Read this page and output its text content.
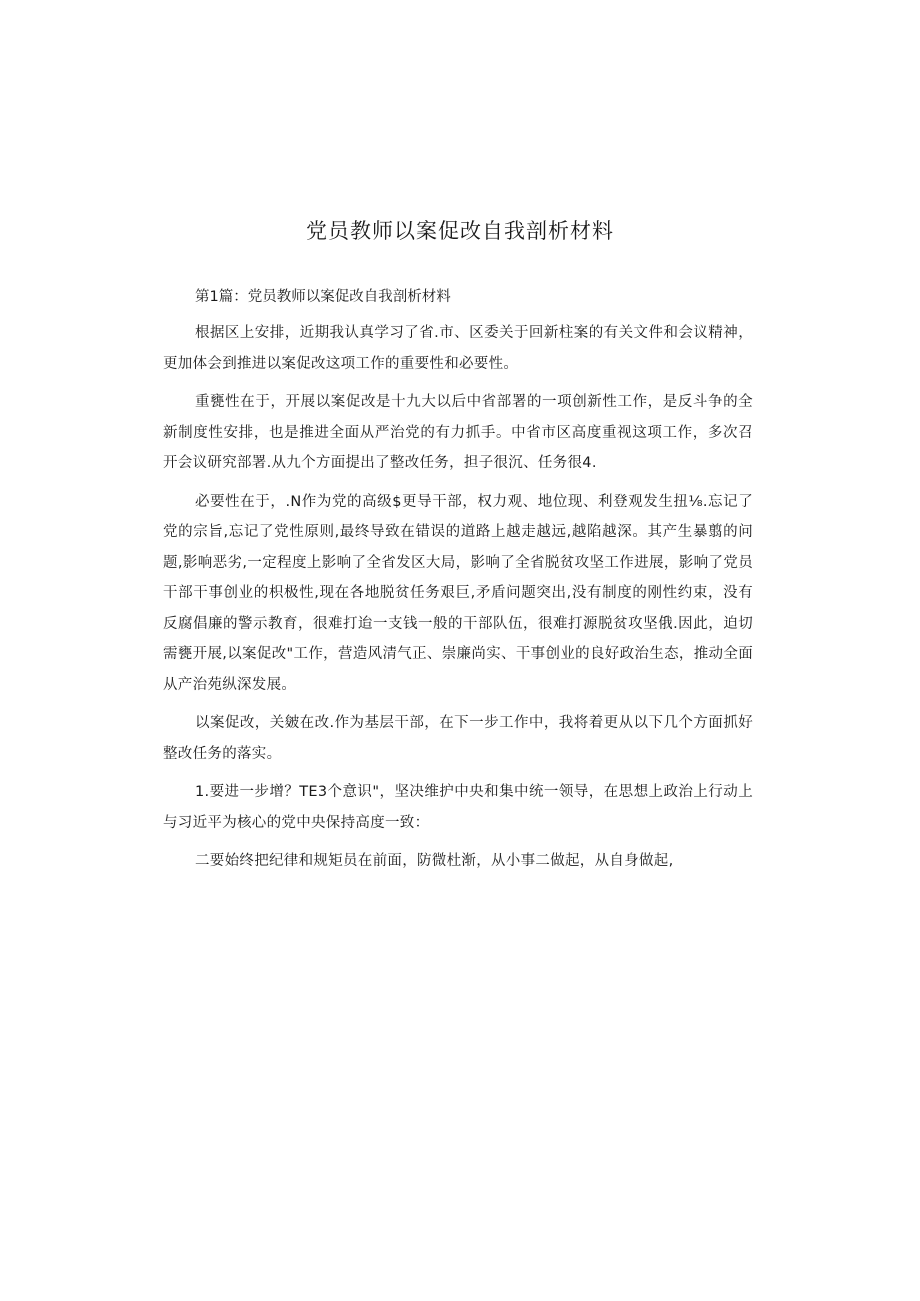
党员教师以案促改自我剖析材料

第1篇：党员教师以案促改自我剖析材料

根据区上安排，近期我认真学习了省.市、区委关于回新柱案的有关文件和会议精神，更加体会到推进以案促改这项工作的重要性和必要性。

重甕性在于，开展以案促改是十九大以后中省部署的一项创新性工作，是反斗争的全新制度性安排，也是推进全面从严治党的有力抓手。中省市区高度重视这项工作，多次召开会议研究部署.从九个方面提出了整改任务，担子很沉、任务很4.

必要性在于，.N作为党的高级$更导干部，权力观、地位现、利登观发生扭⅛.忘记了党的宗旨,忘记了党性原则,最终导致在错误的道路上越走越远,越陷越深。其产生暴翦的问题,影响恶劣,一定程度上影响了全省发区大局，影响了全省脱贫攻坚工作进展，影响了党员干部干事创业的枳极性,现在各地脱贫任务艰巨,矛盾问题突出,没有制度的刚性约束，没有反腐倡廉的警示教育，很难打迨一支钱一般的干部队伍，很难打源脱贫攻坚俄.因此，迫切需甕开展,以案促改"工作，营造风清气正、崇廉尚实、干事创业的良好政治生态，推动全面从产治苑纵深发展。

以案促改，关皴在改.作为基层干部，在下一步工作中，我将着更从以下几个方面抓好整改任务的落实。

1.要进一步增？TE3个意识"，坚决维护中央和集中统一领导，在思想上政治上行动上与习近平为核心的党中央保持高度一致：

二要始终把纪律和规矩员在前面，防微杜渐，从小事二做起，从自身做起,
